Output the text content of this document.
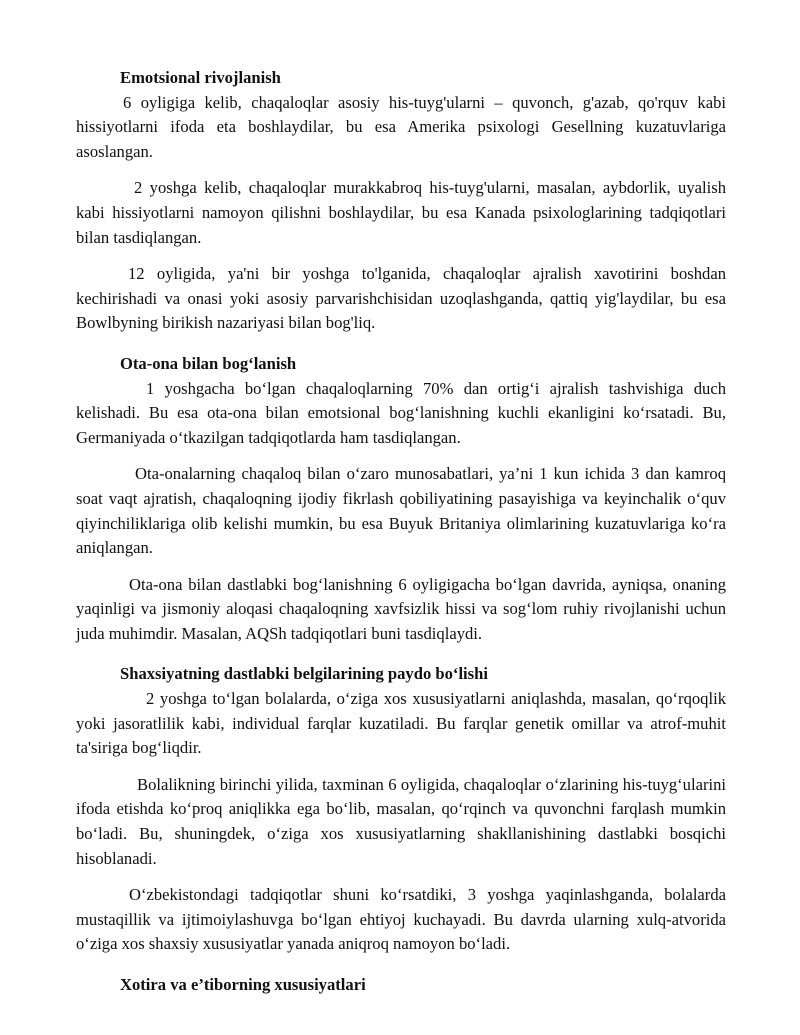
Emotsional rivojlanish

6 oyligiga kelib, chaqaloqlar asosiy his-tuyg'ularni – quvonch, g'azab, qo'rquv kabi hissiyotlarni ifoda eta boshlaydilar, bu esa Amerika psixologi Gesellning kuzatuvlariga asoslangan.

2 yoshga kelib, chaqaloqlar murakkabroq his-tuyg'ularni, masalan, aybdorlik, uyalish kabi hissiyotlarni namoyon qilishni boshlaydilar, bu esa Kanada psixologlarining tadqiqotlari bilan tasdiqlangan.

12 oyligida, ya'ni bir yoshga to'lganida, chaqaloqlar ajralish xavotirini boshdan kechirishadi va onasi yoki asosiy parvarishchisidan uzoqlashganda, qattiq yig'laydilar, bu esa Bowlbyning birikish nazariyasi bilan bog'liq.

Ota-ona bilan bog‘lanish

1 yoshgacha bo‘lgan chaqaloqlarning 70% dan ortig‘i ajralish tashvishiga duch kelishadi. Bu esa ota-ona bilan emotsional bog‘lanishning kuchli ekanligini ko‘rsatadi. Bu, Germaniyada o‘tkazilgan tadqiqotlarda ham tasdiqlangan.

Ota-onalarning chaqaloq bilan o‘zaro munosabatlari, ya’ni 1 kun ichida 3 dan kamroq soat vaqt ajratish, chaqaloqning ijodiy fikrlash qobiliyatining pasayishiga va keyinchalik o‘quv qiyinchiliklariga olib kelishi mumkin, bu esa Buyuk Britaniya olimlarining kuzatuvlariga ko‘ra aniqlangan.

Ota-ona bilan dastlabki bog‘lanishning 6 oyligigacha bo‘lgan davrida, ayniqsa, onaning yaqinligi va jismoniy aloqasi chaqaloqning xavfsizlik hissi va sog‘lom ruhiy rivojlanishi uchun juda muhimdir. Masalan, AQSh tadqiqotlari buni tasdiqlaydi.

Shaxsiyatning dastlabki belgilarining paydo bo‘lishi

2 yoshga to‘lgan bolalarda, o‘ziga xos xususiyatlarni aniqlashda, masalan, qo‘rqoqlik yoki jasoratlilik kabi, individual farqlar kuzatiladi. Bu farqlar genetik omillar va atrof-muhit ta'siriga bog‘liqdir.

Bolalikning birinchi yilida, taxminan 6 oyligida, chaqaloqlar o‘zlarining his-tuyg‘ularini ifoda etishda ko‘proq aniqlikka ega bo‘lib, masalan, qo‘rqinch va quvonchni farqlash mumkin bo‘ladi. Bu, shuningdek, o‘ziga xos xususiyatlarning shakllanishining dastlabki bosqichi hisoblanadi.

O‘zbekistondagi tadqiqotlar shuni ko‘rsatdiki, 3 yoshga yaqinlashganda, bolalarda mustaqillik va ijtimoiylashuvga bo‘lgan ehtiyoj kuchayadi. Bu davrda ularning xulq-atvorida o‘ziga xos shaxsiy xususiyatlar yanada aniqroq namoyon bo‘ladi.

Xotira va e’tiborning xususiyatlari
